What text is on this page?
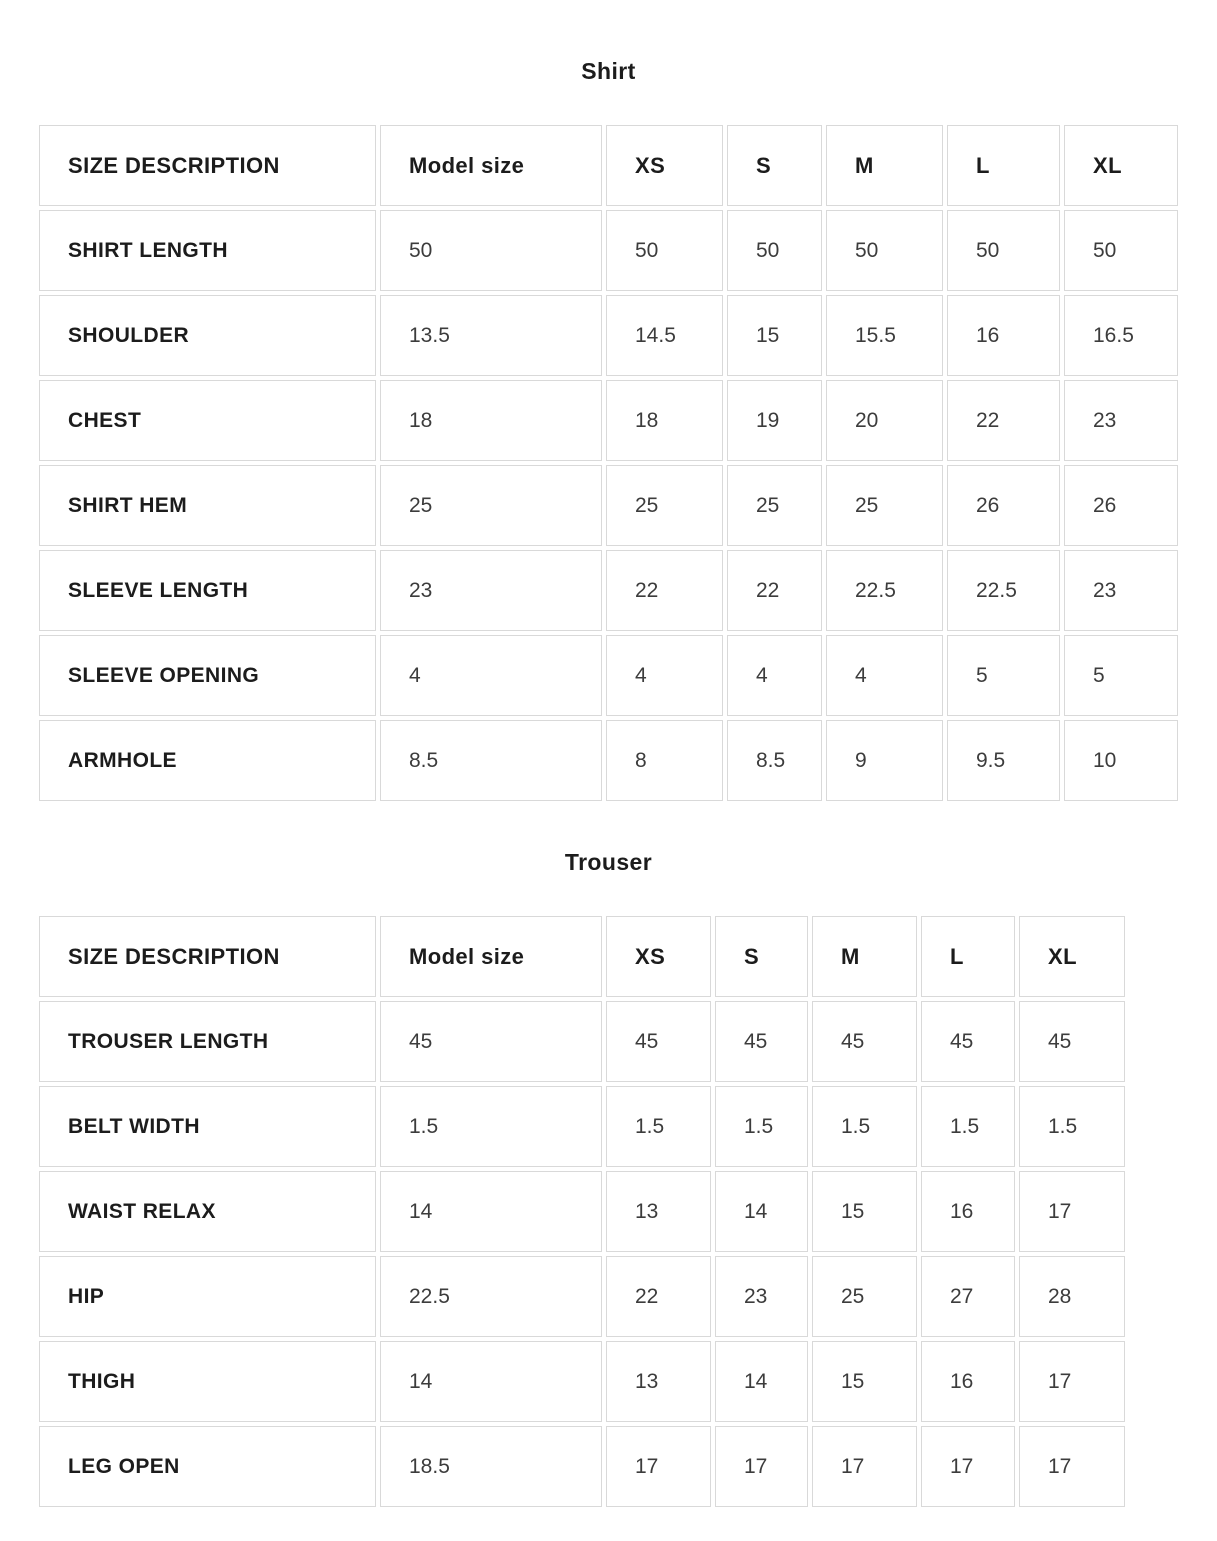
Shirt
SIZE DESCRIPTION	Model size	XS	S	M	L	XL
SHIRT LENGTH	50	50	50	50	50	50
SHOULDER	13.5	14.5	15	15.5	16	16.5
CHEST	18	18	19	20	22	23
SHIRT HEM	25	25	25	25	26	26
SLEEVE LENGTH	23	22	22	22.5	22.5	23
SLEEVE OPENING	4	4	4	4	5	5
ARMHOLE	8.5	8	8.5	9	9.5	10
Trouser
SIZE DESCRIPTION	Model size	XS	S	M	L	XL
TROUSER LENGTH	45	45	45	45	45	45
BELT WIDTH	1.5	1.5	1.5	1.5	1.5	1.5
WAIST RELAX	14	13	14	15	16	17
HIP	22.5	22	23	25	27	28
THIGH	14	13	14	15	16	17
LEG OPEN	18.5	17	17	17	17	17
